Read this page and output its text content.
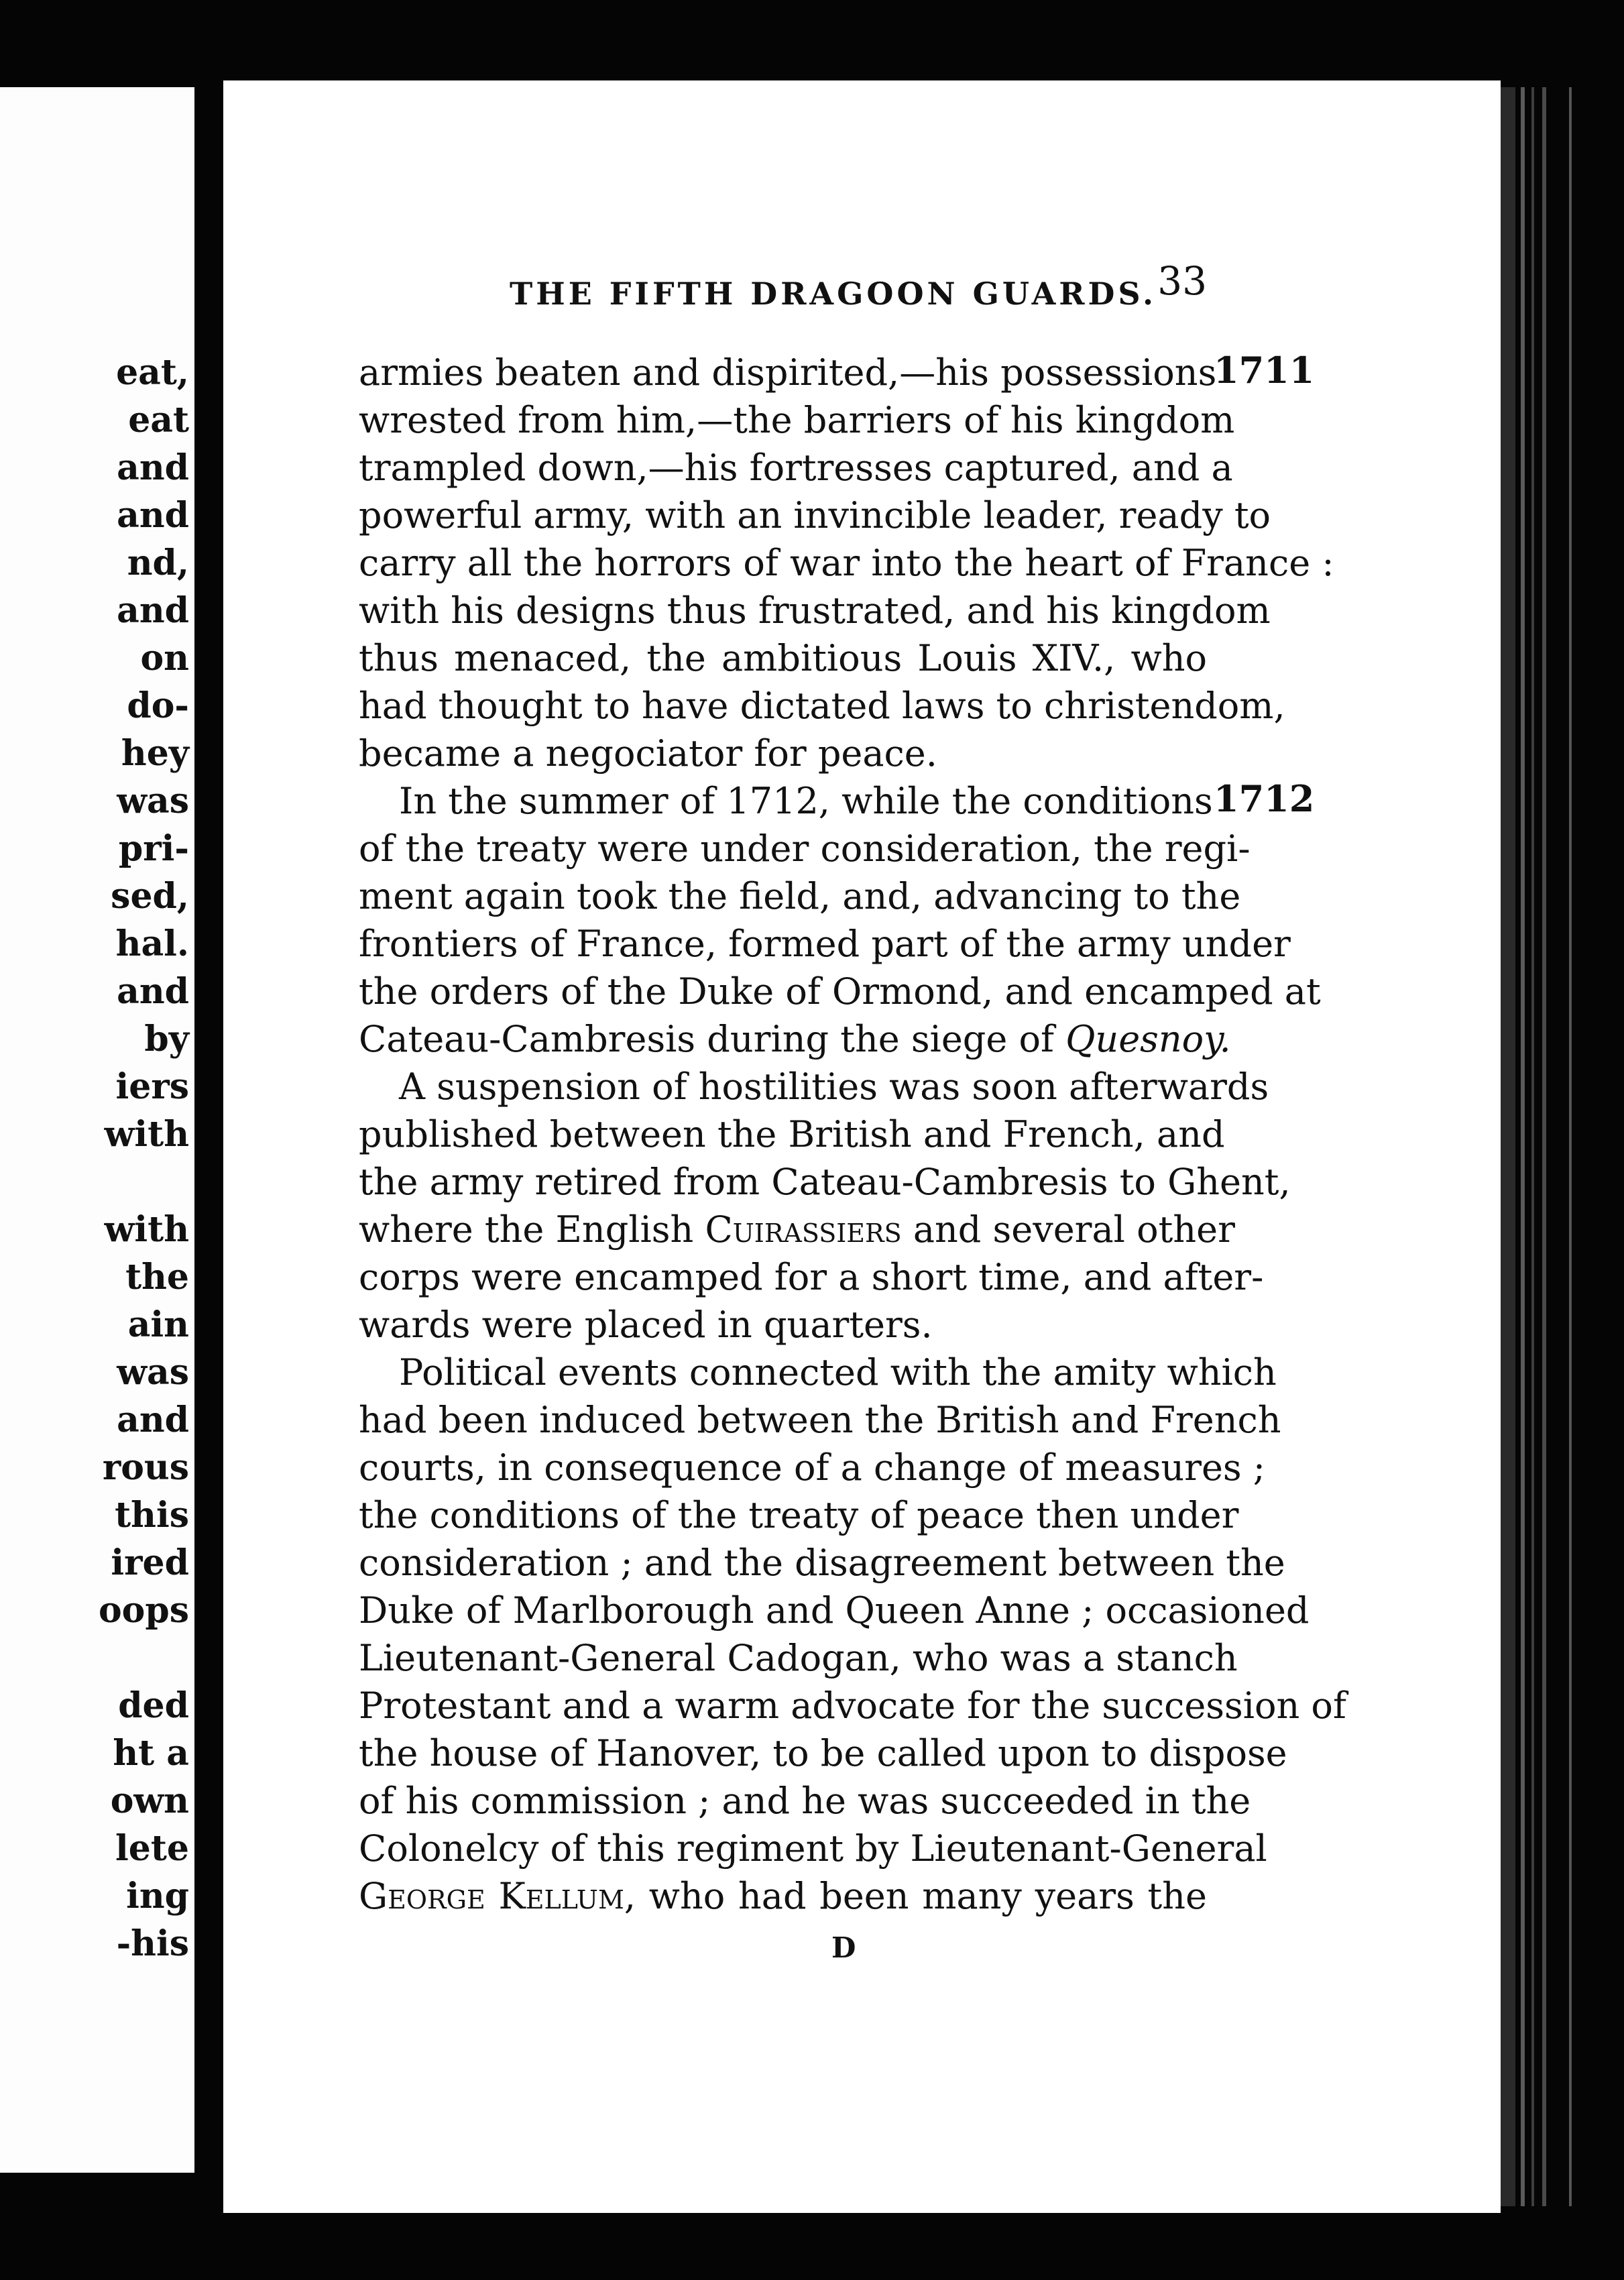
eat,
eat
and
and
nd,
and
on
do-
hey
was
pri-
sed,
hal.
and
by
iers
with
with
the
ain
was
and
rous
this
ired
oops
ded
ht a
own
lete
ing
-his
THE FIFTH DRAGOON GUARDS. 33
1711
1712
armies beaten and dispirited,—his possessions
wrested from him,—the barriers of his kingdom
trampled down,—his fortresses captured, and a
powerful army, with an invincible leader, ready to
carry all the horrors of war into the heart of France :
with his designs thus frustrated, and his kingdom
thus menaced, the ambitious Louis XIV., who
had thought to have dictated laws to christendom,
became a negociator for peace.
In the summer of 1712, while the conditions
of the treaty were under consideration, the regi-
ment again took the field, and, advancing to the
frontiers of France, formed part of the army under
the orders of the Duke of Ormond, and encamped at
Cateau-Cambresis during the siege of Quesnoy.
A suspension of hostilities was soon afterwards
published between the British and French, and
the army retired from Cateau-Cambresis to Ghent,
where the English Cuirassiers and several other
corps were encamped for a short time, and after-
wards were placed in quarters.
Political events connected with the amity which
had been induced between the British and French
courts, in consequence of a change of measures ;
the conditions of the treaty of peace then under
consideration ; and the disagreement between the
Duke of Marlborough and Queen Anne ; occasioned
Lieutenant-General Cadogan, who was a stanch
Protestant and a warm advocate for the succession of
the house of Hanover, to be called upon to dispose
of his commission ; and he was succeeded in the
Colonelcy of this regiment by Lieutenant-General
George Kellum, who had been many years the
D
